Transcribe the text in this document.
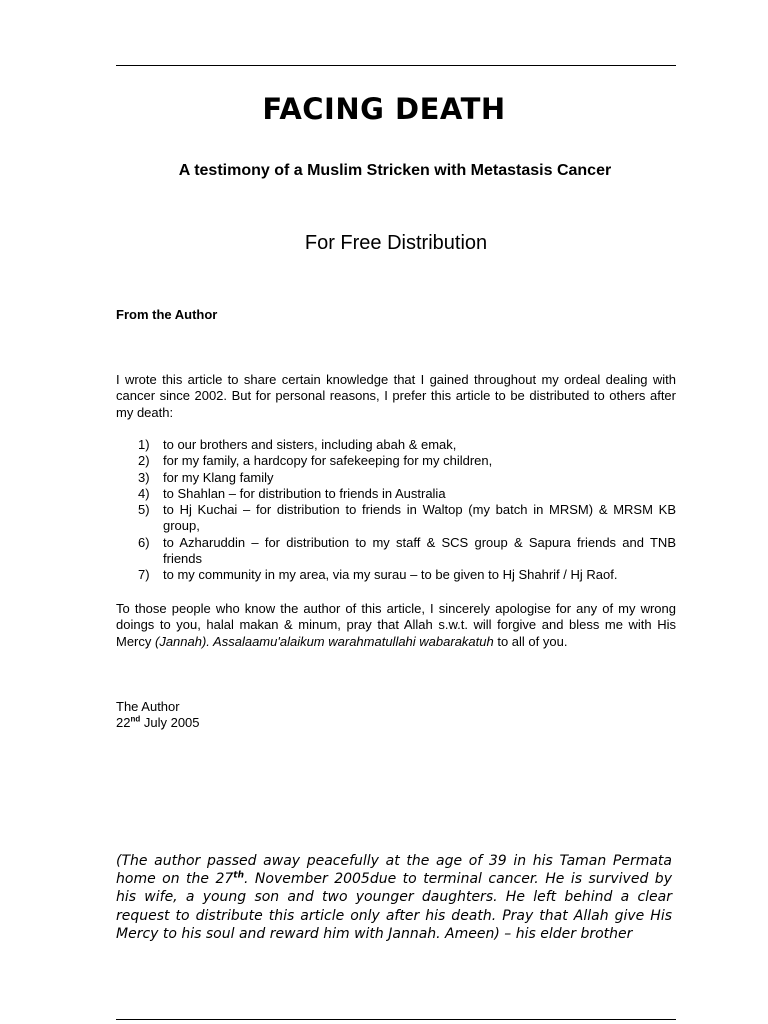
FACING DEATH
A testimony of a Muslim Stricken with Metastasis Cancer
For Free Distribution
From the Author
I wrote this article to share certain knowledge that I gained throughout my ordeal dealing with cancer since 2002. But for personal reasons, I prefer this article to be distributed to others after my death:
1)	to our brothers and sisters, including abah & emak,
2)	for my family, a hardcopy for safekeeping for my children,
3)	for my Klang family
4)	to Shahlan – for distribution to friends in Australia
5)	to Hj Kuchai – for distribution to friends in Waltop (my batch in MRSM) & MRSM KB group,
6)	to Azharuddin – for distribution to my staff & SCS group & Sapura friends and TNB friends
7)	to my community in my area, via my surau – to be given to Hj Shahrif / Hj Raof.
To those people who know the author of this article, I sincerely apologise for any of my wrong doings to you, halal makan & minum, pray that Allah s.w.t. will forgive and bless me with His Mercy (Jannah). Assalaamu'alaikum warahmatullahi wabarakatuh to all of you.
The Author
22nd July 2005
(The author passed away peacefully at the age of 39 in his Taman Permata home on the 27th. November 2005due to terminal cancer. He is survived by his wife, a young son and two younger daughters. He left behind a clear request to distribute this article only after his death. Pray that Allah give His Mercy to his soul and reward him with Jannah. Ameen) – his elder brother
